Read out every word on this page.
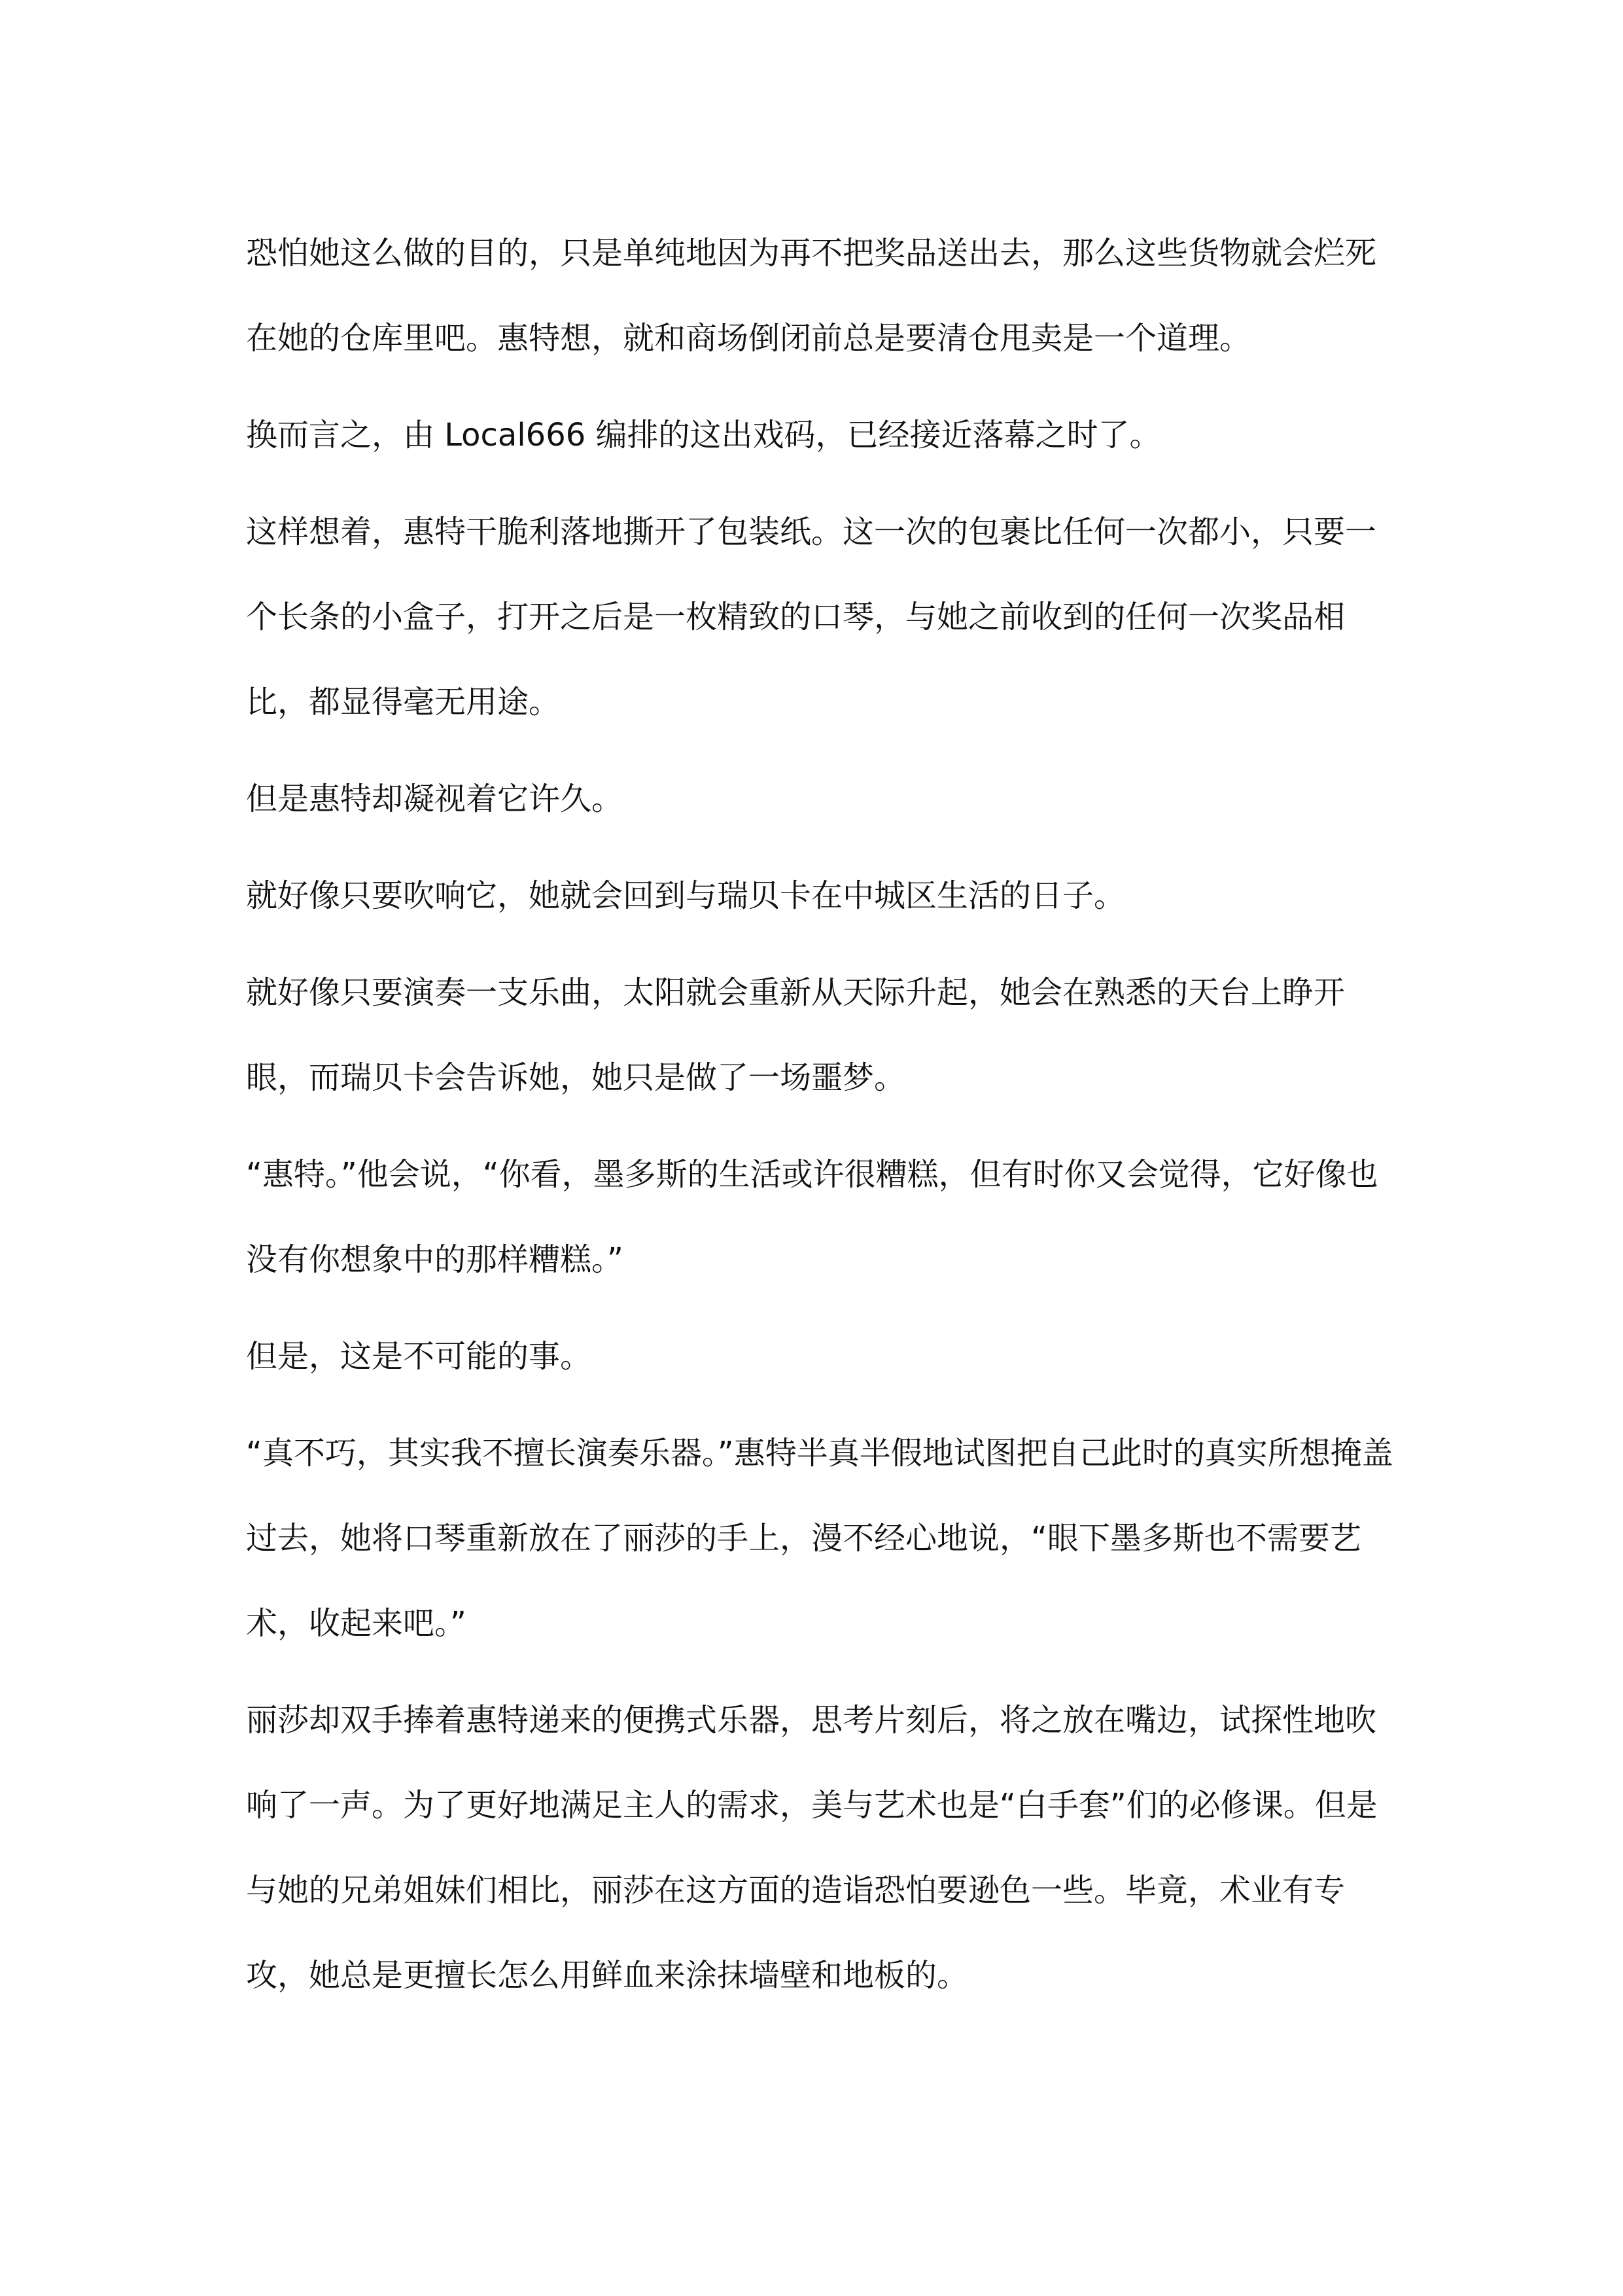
恐怕她这么做的目的，只是单纯地因为再不把奖品送出去，那么这些货物就会烂死在她的仓库里吧。惠特想，就和商场倒闭前总是要清仓甩卖是一个道理。

换而言之，由 Local666 编排的这出戏码，已经接近落幕之时了。

这样想着，惠特干脆利落地撕开了包装纸。这一次的包裹比任何一次都小，只要一个长条的小盒子，打开之后是一枚精致的口琴，与她之前收到的任何一次奖品相比，都显得毫无用途。

但是惠特却凝视着它许久。

就好像只要吹响它，她就会回到与瑞贝卡在中城区生活的日子。

就好像只要演奏一支乐曲，太阳就会重新从天际升起，她会在熟悉的天台上睁开眼，而瑞贝卡会告诉她，她只是做了一场噩梦。

“惠特。”他会说，“你看，墨多斯的生活或许很糟糕，但有时你又会觉得，它好像也没有你想象中的那样糟糕。”

但是，这是不可能的事。

“真不巧，其实我不擅长演奏乐器。”惠特半真半假地试图把自己此时的真实所想掩盖过去，她将口琴重新放在了丽莎的手上，漫不经心地说，“眼下墨多斯也不需要艺术，收起来吧。”

丽莎却双手捧着惠特递来的便携式乐器，思考片刻后，将之放在嘴边，试探性地吹响了一声。为了更好地满足主人的需求，美与艺术也是“白手套”们的必修课。但是与她的兄弟姐妹们相比，丽莎在这方面的造诣恐怕要逊色一些。毕竟，术业有专攻，她总是更擅长怎么用鲜血来涂抹墙壁和地板的。
